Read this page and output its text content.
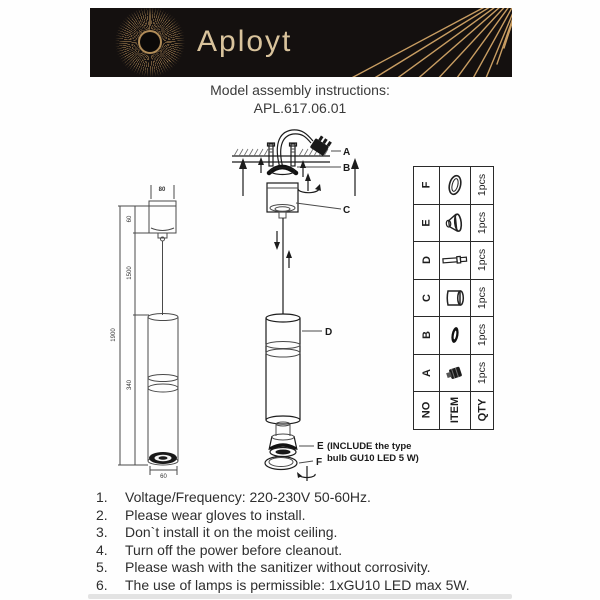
Aployt
Model assembly instructions:
APL.617.06.01
80
60
1900
60
1500
340
A
B
C
D
E (INCLUDE the type
bulb GU10 LED 5 W)
F
F	1pcs
E	1pcs
D	1pcs
C	1pcs
B	1pcs
A	1pcs
NO ITEM QTY
1.	Voltage/Frequency: 220-230V 50-60Hz.
2.	Please wear gloves to install.
3.	Don`t install it on the moist ceiling.
4.	Turn off the power before cleanout.
5.	Please wash with the sanitizer without corrosivity.
6.	The use of lamps is permissible: 1xGU10 LED max 5W.
